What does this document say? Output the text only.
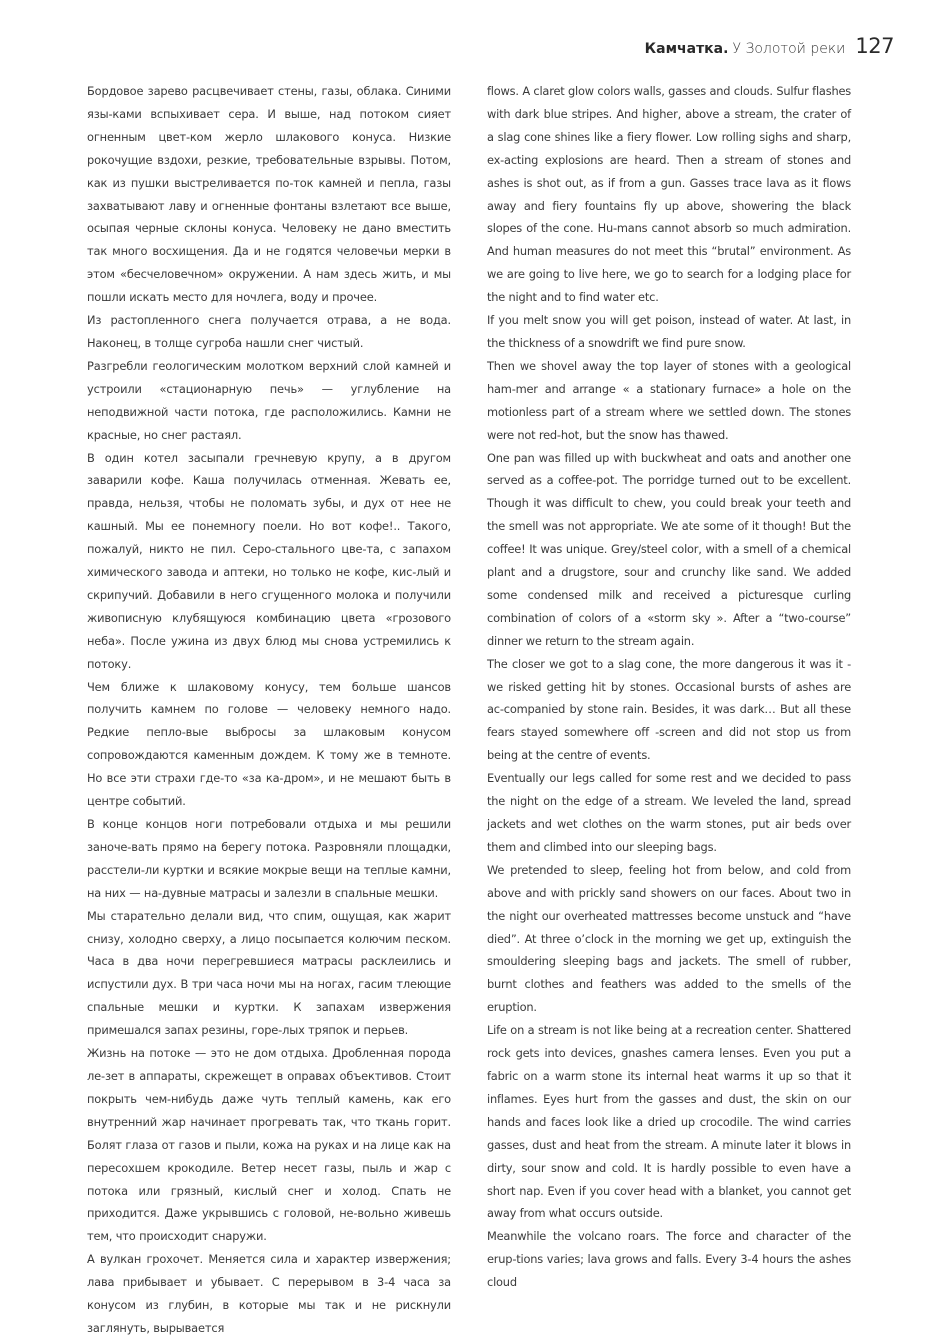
Камчатка . У Золотой реки 127

Бордовое зарево расцвечивает стены, газы, облака. Синими язы-ками вспыхивает сера. И выше, над потоком сияет огненным цвет-ком жерло шлакового конуса. Низкие рокочущие вздохи, резкие, требовательные взрывы. Потом, как из пушки выстреливается по-ток камней и пепла, газы захватывают лаву и огненные фонтаны взлетают все выше, осыпая черные склоны конуса. Человеку не дано вместить так много восхищения. Да и не годятся человечьи мерки в этом «бесчеловечном» окружении. А нам здесь жить, и мы пошли искать место для ночлега, воду и прочее.

Из растопленного снега получается отрава, а не вода. Наконец, в толще сугроба нашли снег чистый.

Разгребли геологическим молотком верхний слой камней и устроили «стационарную печь» — углубление на неподвижной части потока, где расположились. Камни не красные, но снег растаял.

В один котел засыпали гречневую крупу, а в другом заварили кофе. Каша получилась отменная. Жевать ее, правда, нельзя, чтобы не поломать зубы, и дух от нее не кашный. Мы ее понемногу поели. Но вот кофе!.. Такого, пожалуй, никто не пил. Серо-стального цве-та, с запахом химического завода и аптеки, но только не кофе, кис-лый и скрипучий. Добавили в него сгущенного молока и получили живописную клубящуюся комбинацию цвета «грозового неба». После ужина из двух блюд мы снова устремились к потоку.

Чем ближе к шлаковому конусу, тем больше шансов получить камнем по голове — человеку немного надо. Редкие пепло-вые выбросы за шлаковым конусом сопровождаются каменным дождем. К тому же в темноте. Но все эти страхи где-то «за ка-дром», и не мешают быть в центре событий.

В конце концов ноги потребовали отдыха и мы решили заноче-вать прямо на берегу потока. Разровняли площадки, расстели-ли куртки и всякие мокрые вещи на теплые камни, на них — на-дувные матрасы и залезли в спальные мешки.

Мы старательно делали вид, что спим, ощущая, как жарит снизу, холодно сверху, а лицо посыпается колючим песком. Часа в два ночи перегревшиеся матрасы расклеились и испустили дух. В три часа ночи мы на ногах, гасим тлеющие спальные мешки и куртки. К запахам извержения примешался запах резины, горе-лых тряпок и перьев.

Жизнь на потоке — это не дом отдыха. Дробленная порода ле-зет в аппараты, скрежещет в оправах объективов. Стоит покрыть чем-нибудь даже чуть теплый камень, как его внутренний жар начинает прогревать так, что ткань горит. Болят глаза от газов и пыли, кожа на руках и на лице как на пересохшем крокодиле. Ветер несет газы, пыль и жар с потока или грязный, кислый снег и холод. Спать не приходится. Даже укрывшись с головой, не-вольно живешь тем, что происходит снаружи.

А вулкан грохочет. Меняется сила и характер извержения; лава прибывает и убывает. С перерывом в 3-4 часа за конусом из глубин, в которые мы так и не рискнули заглянуть, вырывается

flows. A claret glow colors walls, gasses and clouds. Sulfur flashes with dark blue stripes. And higher, above a stream, the crater of a slag cone shines like a fiery flower. Low rolling sighs and sharp, ex-acting explosions are heard. Then a stream of stones and ashes is shot out, as if from a gun. Gasses trace lava as it flows away and fiery fountains fly up above, showering the black slopes of the cone. Hu-mans cannot absorb so much admiration. And human measures do not meet this “brutal” environment. As we are going to live here, we go to search for a lodging place for the night and to find water etc.

If you melt snow you will get poison, instead of water. At last, in the thickness of a snowdrift we find pure snow.

Then we shovel away the top layer of stones with a geological ham-mer and arrange « a stationary furnace» a hole on the motionless part of a stream where we settled down. The stones were not red-hot, but the snow has thawed.

One pan was filled up with buckwheat and oats and another one served as a coffee-pot. The porridge turned out to be excellent. Though it was difficult to chew, you could break your teeth and the smell was not appropriate. We ate some of it though! But the coffee! It was unique. Grey/steel color, with a smell of a chemical plant and a drugstore, sour and crunchy like sand. We added some condensed milk and received a picturesque curling combination of colors of a «storm sky ». After a “two-course” dinner we return to the stream again.

The closer we got to a slag cone, the more dangerous it was it - we risked getting hit by stones. Occasional bursts of ashes are ac-companied by stone rain. Besides, it was dark… But all these fears stayed somewhere off -screen and did not stop us from being at the centre of events.

Eventually our legs called for some rest and we decided to pass the night on the edge of a stream. We leveled the land, spread jackets and wet clothes on the warm stones, put air beds over them and climbed into our sleeping bags.

We pretended to sleep, feeling hot from below, and cold from above and with prickly sand showers on our faces. About two in the night our overheated mattresses become unstuck and “have died”. At three o’clock in the morning we get up, extinguish the smouldering sleeping bags and jackets. The smell of rubber, burnt clothes and feathers was added to the smells of the eruption.

Life on a stream is not like being at a recreation center. Shattered rock gets into devices, gnashes camera lenses. Even you put a fabric on a warm stone its internal heat warms it up so that it inflames. Eyes hurt from the gasses and dust, the skin on our hands and faces look like a dried up crocodile. The wind carries gasses, dust and heat from the stream. A minute later it blows in dirty, sour snow and cold. It is hardly possible to even have a short nap. Even if you cover head with a blanket, you cannot get away from what occurs outside.

Meanwhile the volcano roars. The force and character of the erup-tions varies; lava grows and falls. Every 3-4 hours the ashes cloud
